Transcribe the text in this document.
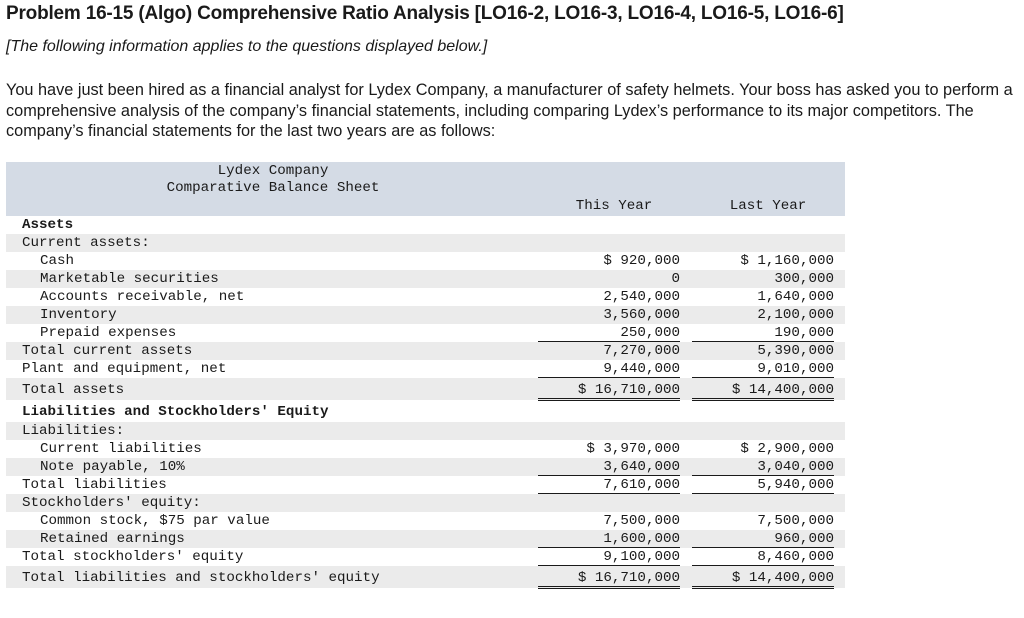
Problem 16-15 (Algo) Comprehensive Ratio Analysis [LO16-2, LO16-3, LO16-4, LO16-5, LO16-6]

[The following information applies to the questions displayed below.]

You have just been hired as a financial analyst for Lydex Company, a manufacturer of safety helmets. Your boss has asked you to perform a comprehensive analysis of the company’s financial statements, including comparing Lydex’s performance to its major competitors. The company’s financial statements for the last two years are as follows:

Lydex Company
Comparative Balance Sheet
This Year	Last Year
Assets
Current assets:
Cash	$ 920,000	$ 1,160,000
Marketable securities	0	300,000
Accounts receivable, net	2,540,000	1,640,000
Inventory	3,560,000	2,100,000
Prepaid expenses	250,000	190,000
Total current assets	7,270,000	5,390,000
Plant and equipment, net	9,440,000	9,010,000
Total assets	$ 16,710,000	$ 14,400,000
Liabilities and Stockholders' Equity
Liabilities:
Current liabilities	$ 3,970,000	$ 2,900,000
Note payable, 10%	3,640,000	3,040,000
Total liabilities	7,610,000	5,940,000
Stockholders' equity:
Common stock, $75 par value	7,500,000	7,500,000
Retained earnings	1,600,000	960,000
Total stockholders' equity	9,100,000	8,460,000
Total liabilities and stockholders' equity	$ 16,710,000	$ 14,400,000
